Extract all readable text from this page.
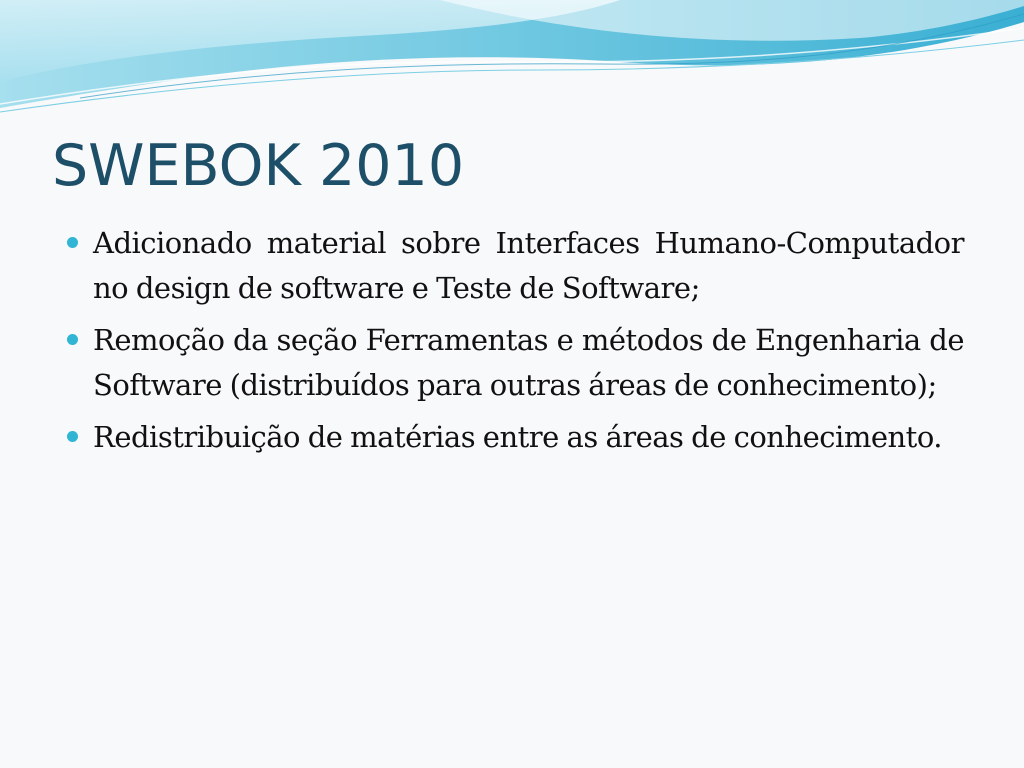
SWEBOK 2010
Adicionado material sobre Interfaces Humano-Computador no design de software e Teste de Software;
Remoção da seção Ferramentas e métodos de Engenharia de Software (distribuídos para outras áreas de conhecimento);
Redistribuição de matérias entre as áreas de conhecimento.
